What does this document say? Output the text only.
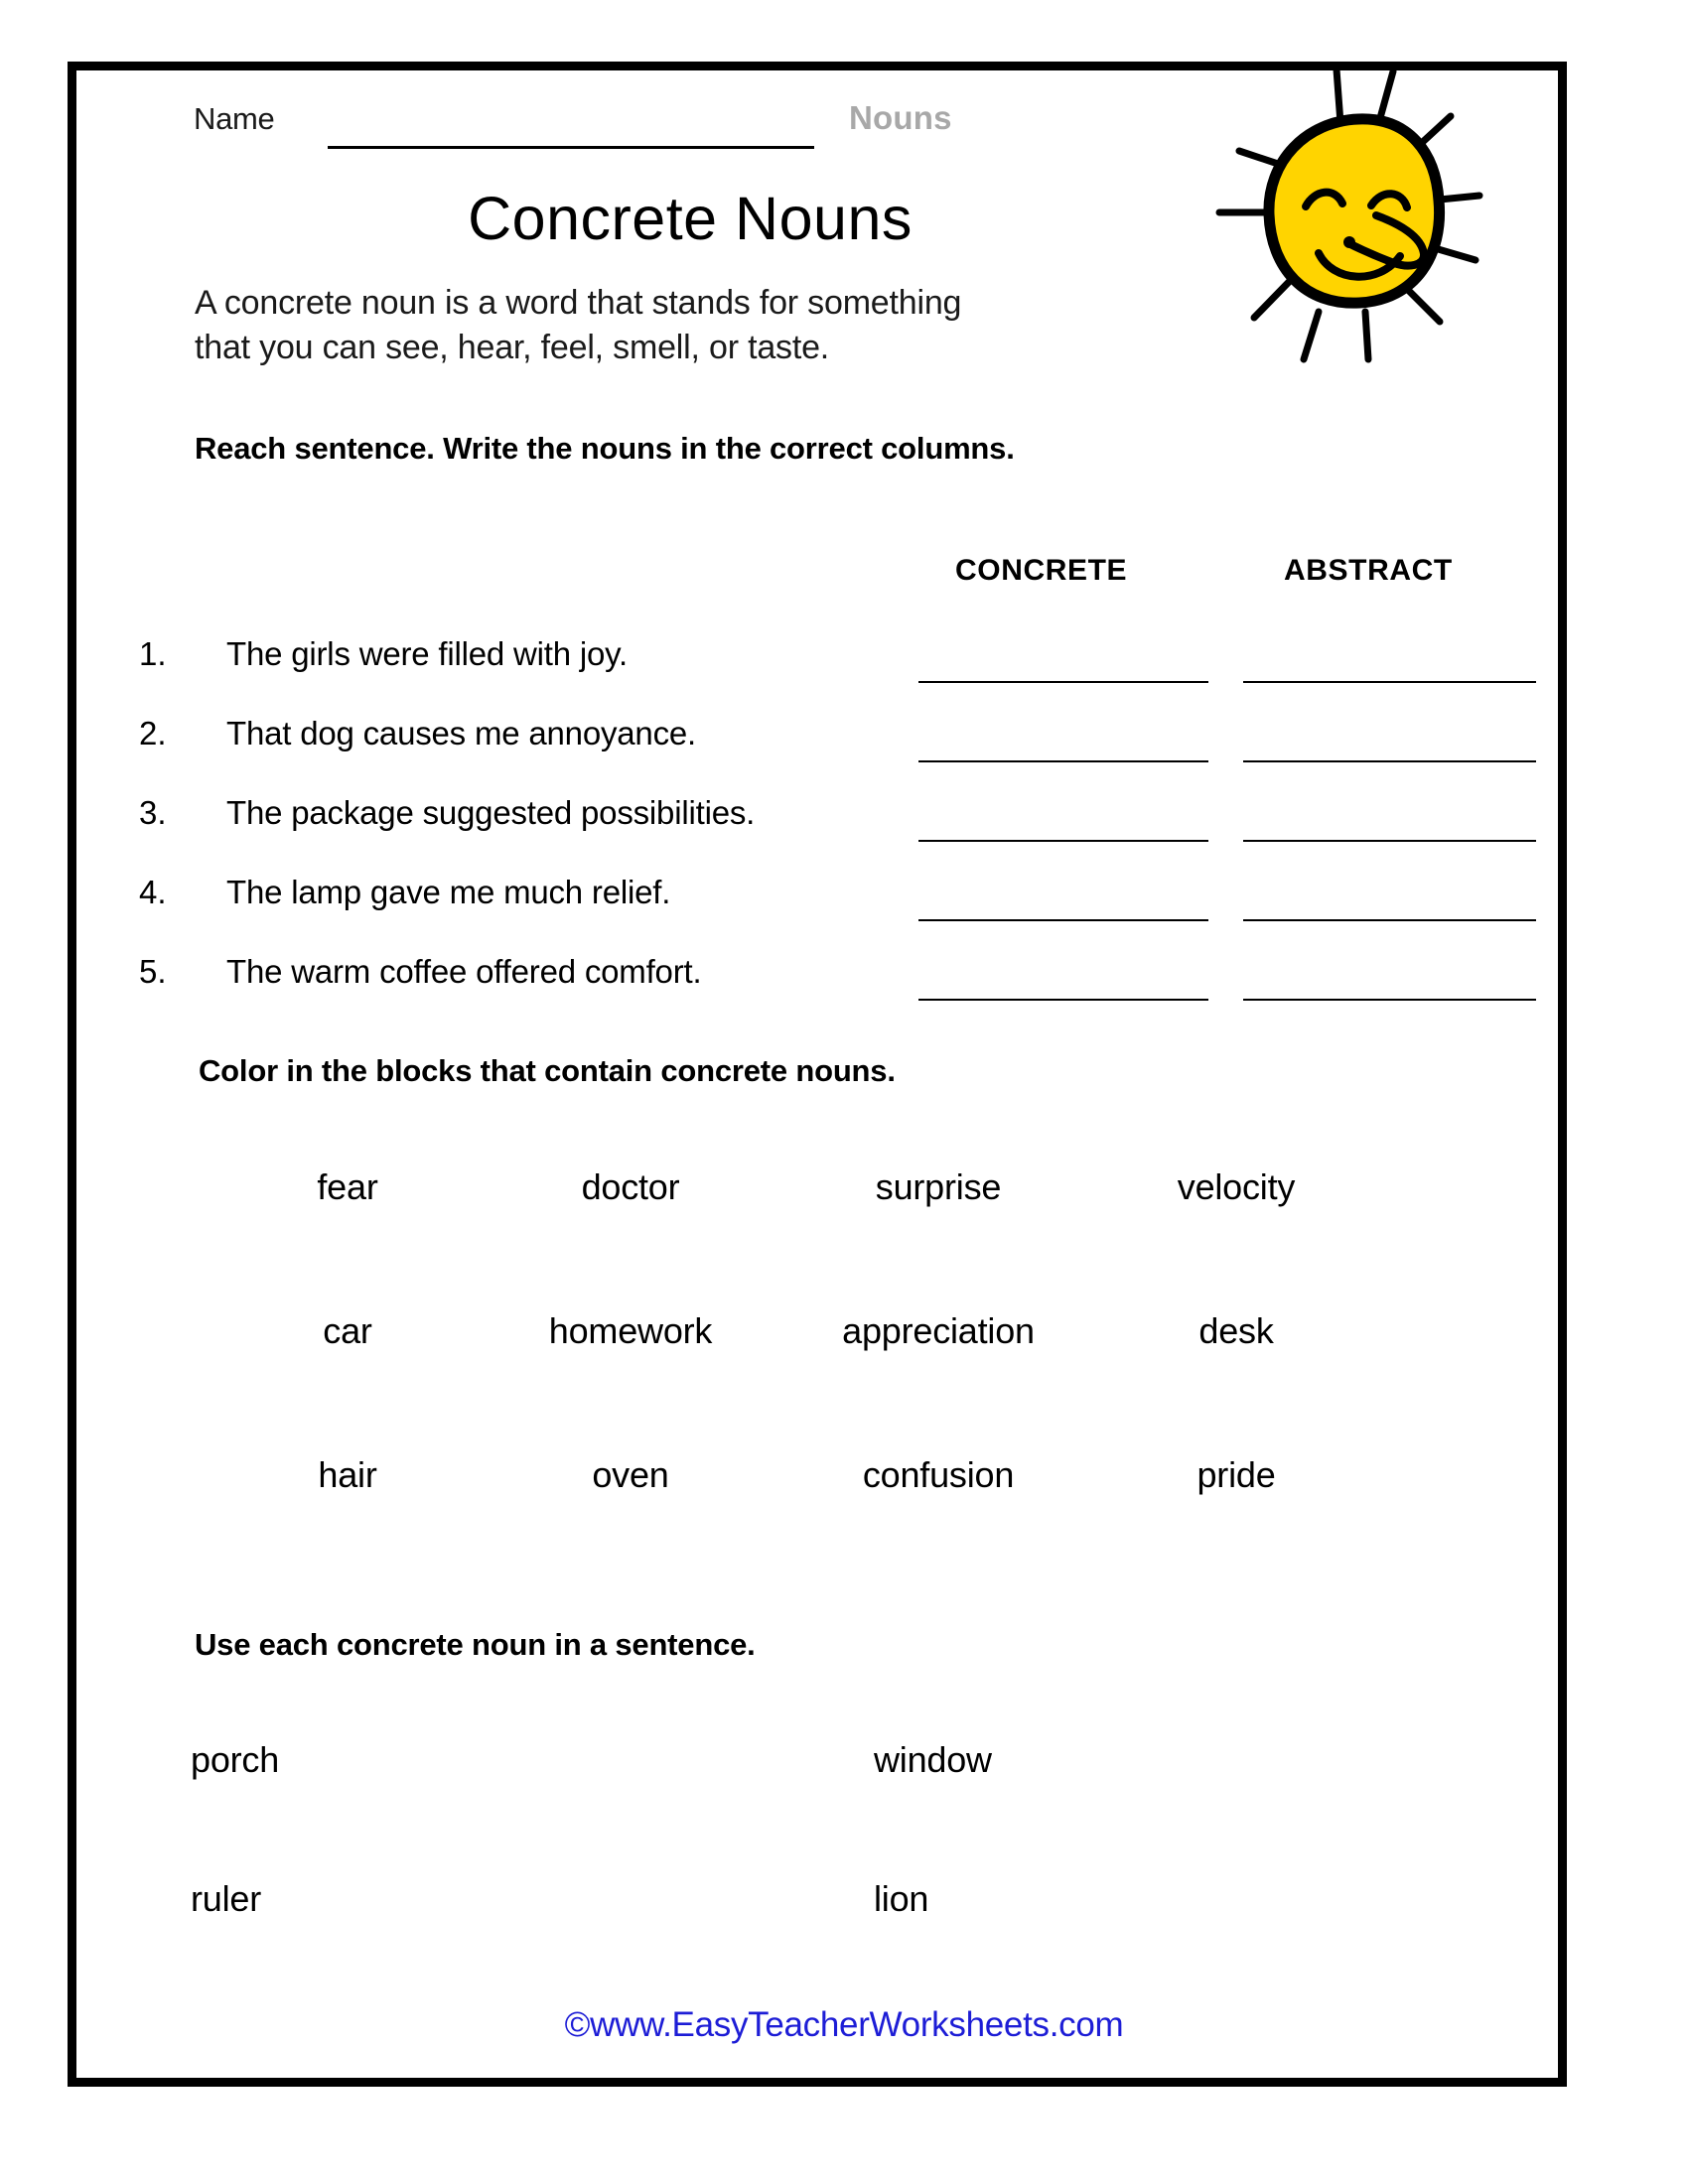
Name	Nouns
Concrete Nouns
A concrete noun is a word that stands for something
that you can see, hear, feel, smell, or taste.
Reach sentence. Write the nouns in the correct columns.
CONCRETE	ABSTRACT
1.	The girls were filled with joy.
2.	That dog causes me annoyance.
3.	The package suggested possibilities.
4.	The lamp gave me much relief.
5.	The warm coffee offered comfort.
Color in the blocks that contain concrete nouns.
fear	doctor	surprise	velocity
car	homework	appreciation	desk
hair	oven	confusion	pride
Use each concrete noun in a sentence.
porch	window
ruler	lion
©www.EasyTeacherWorksheets.com
